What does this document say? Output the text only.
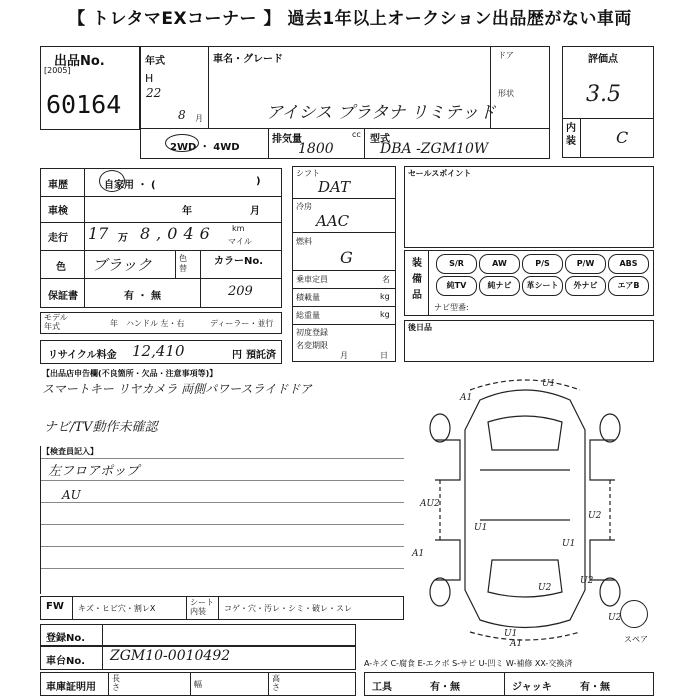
【 トレタマEXコーナー 】 過去1年以上オークション出品歴がない車両
出品No.
[2005]
60164
年式
H
22
8 月
車名・グレード
アイシス プラタナ リミテッド
ドア
形状
2WD ・ 4WD
排気量	cc
1800
型式
DBA -ZGM10W
評価点
3.5
内装	C
車歴	自家用 ・ (	)
車検	年	月
走行 17 万 8,046 km
マイル
色 ブラック	色替
カラーNo.
209
保証書	有 ・ 無
モデル年式	年 ハンドル 左・右	ディーラー・並行
リサイクル料金 12,410	円 預託済
シフト
DAT
冷房
AAC
燃料
G
乗車定員	名
積載量	kg
総重量	kg
初度登録
名変期限
月	日
セールスポイント
装備品
S/R	AW	P/S	P/W	ABS
純TV	純ナビ	革シート	外ナビ	エアB
ナビ型番:
後日品
【出品店申告欄(不良箇所・欠品・注意事項等)】
スマートキー リヤカメラ 両側パワースライドドア
ナビ/TV動作未確認
【検査員記入】
左フロアポップ
AU
A1
U1
AU2
A1
U1
U2
U1
U2
A1
U2
U2
U1
スペア
FW キズ・ヒビ穴・割レX
シート内装	コゲ・穴・汚レ・シミ・破レ・スレ
登録No.
車台No. ZGM10-0010492	A-キズ C-腐食 E-エクボ S-サビ U-凹ミ W-補修 XX-交換済
車庫証明用
長さ	幅
高さ	工具	有・無	ジャッキ	有・無
